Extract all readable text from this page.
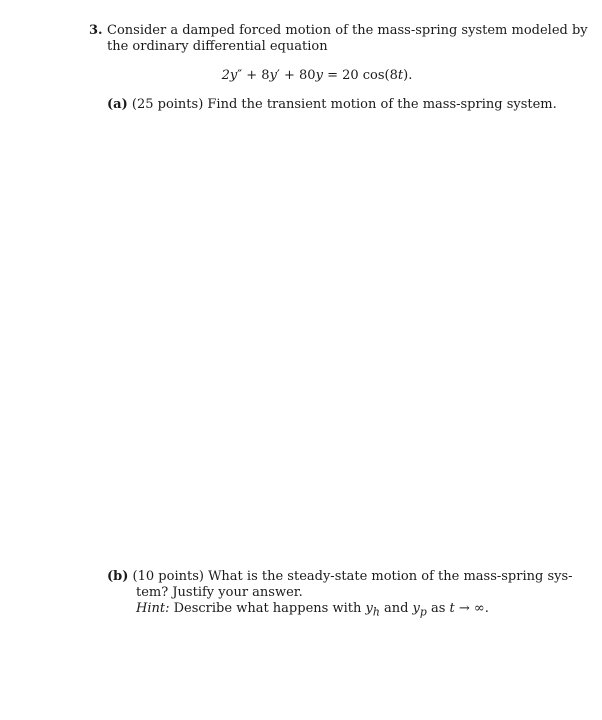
3. Consider a damped forced motion of the mass-spring system modeled by
the ordinary differential equation
2y″ + 8y′ + 80y = 20 cos(8t).
(a) (25 points) Find the transient motion of the mass-spring system.
(b) (10 points) What is the steady-state motion of the mass-spring sys-
tem? Justify your answer.
Hint: Describe what happens with $y_h$ and $y_p$ as t → ∞.
